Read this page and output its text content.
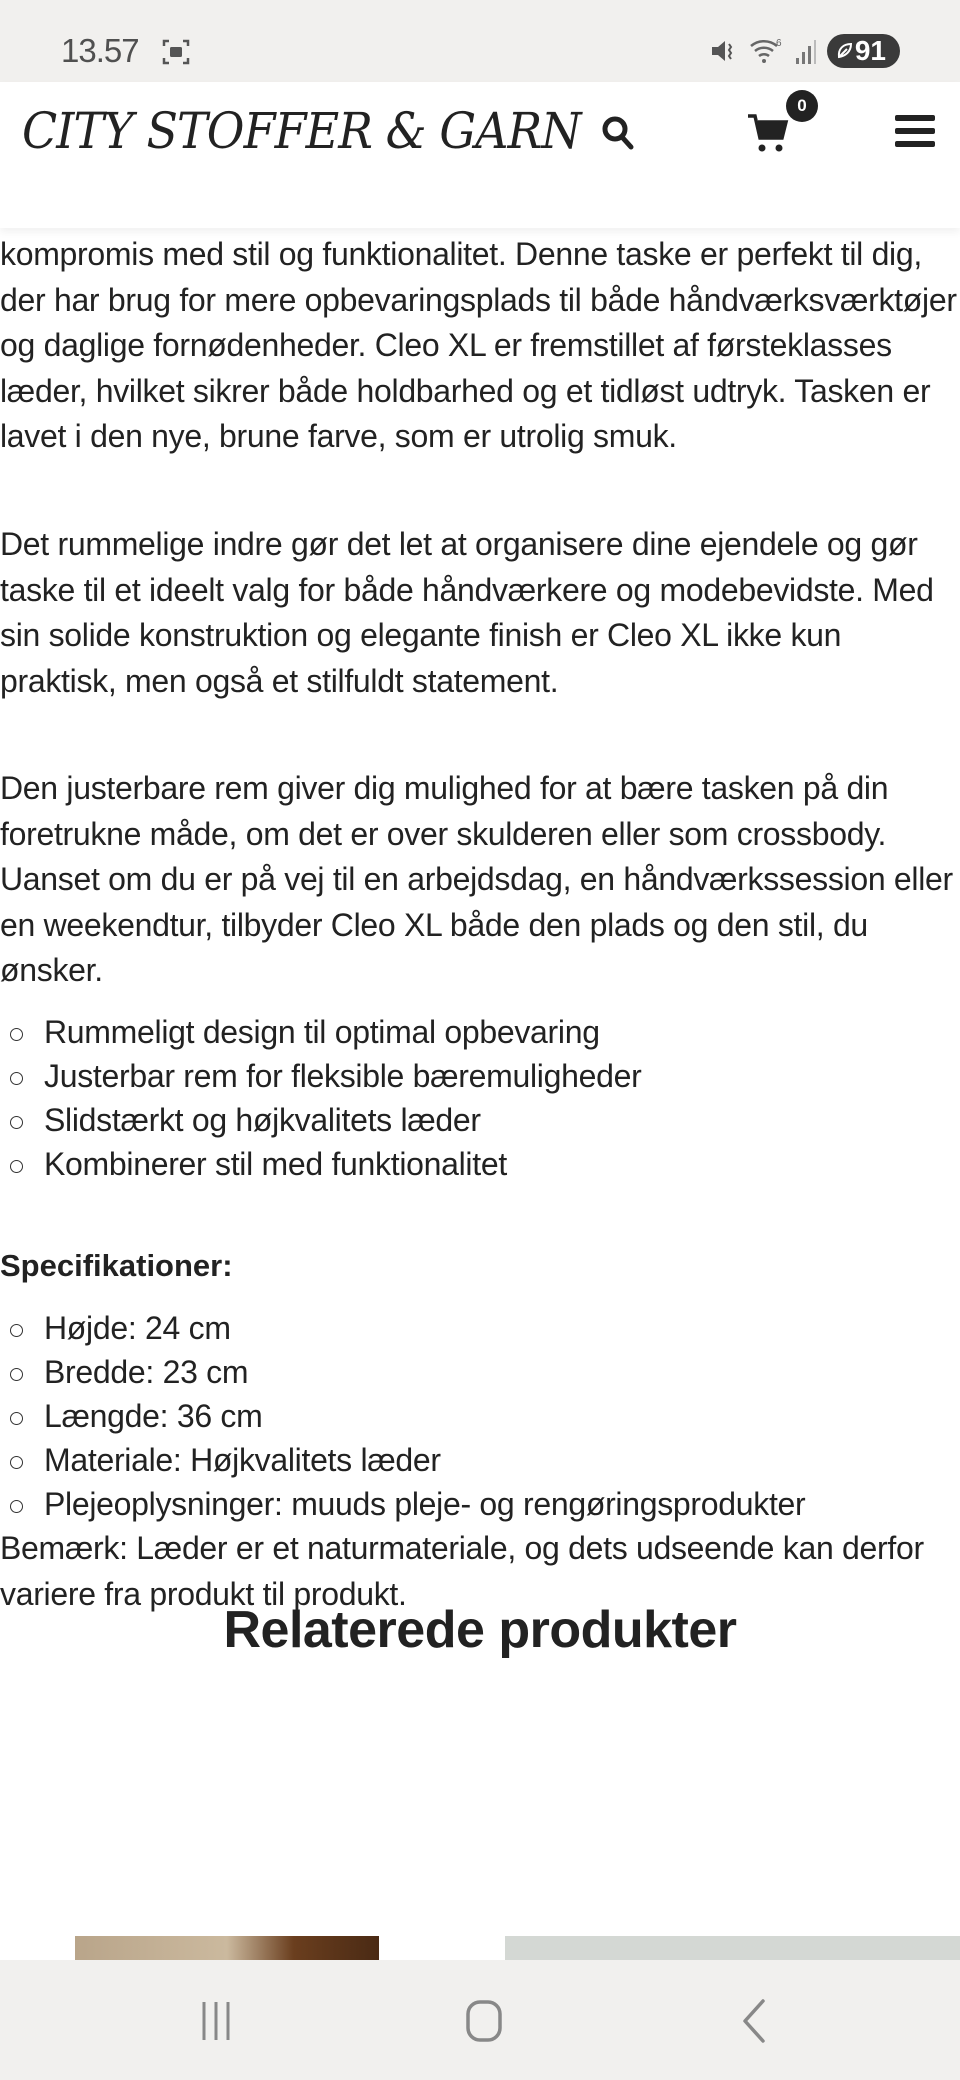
13.57	6	91
CITY STOFFER & GARN	0

kompromis med stil og funktionalitet. Denne taske er perfekt til dig, der har brug for mere opbevaringsplads til både håndværksværktøjer og daglige fornødenheder. Cleo XL er fremstillet af førsteklasses læder, hvilket sikrer både holdbarhed og et tidløst udtryk. Tasken er lavet i den nye, brune farve, som er utrolig smuk.

Det rummelige indre gør det let at organisere dine ejendele og gør taske til et ideelt valg for både håndværkere og modebevidste. Med sin solide konstruktion og elegante finish er Cleo XL ikke kun praktisk, men også et stilfuldt statement.

Den justerbare rem giver dig mulighed for at bære tasken på din foretrukne måde, om det er over skulderen eller som crossbody. Uanset om du er på vej til en arbejdsdag, en håndværkssession eller en weekendtur, tilbyder Cleo XL både den plads og den stil, du ønsker.

Rummeligt design til optimal opbevaring
Justerbar rem for fleksible bæremuligheder
Slidstærkt og højkvalitets læder
Kombinerer stil med funktionalitet
Specifikationer:
Højde: 24 cm
Bredde: 23 cm
Længde: 36 cm
Materiale: Højkvalitets læder
Plejeoplysninger: muuds pleje- og rengøringsprodukter

Bemærk: Læder er et naturmateriale, og dets udseende kan derfor variere fra produkt til produkt.

Relaterede produkter
